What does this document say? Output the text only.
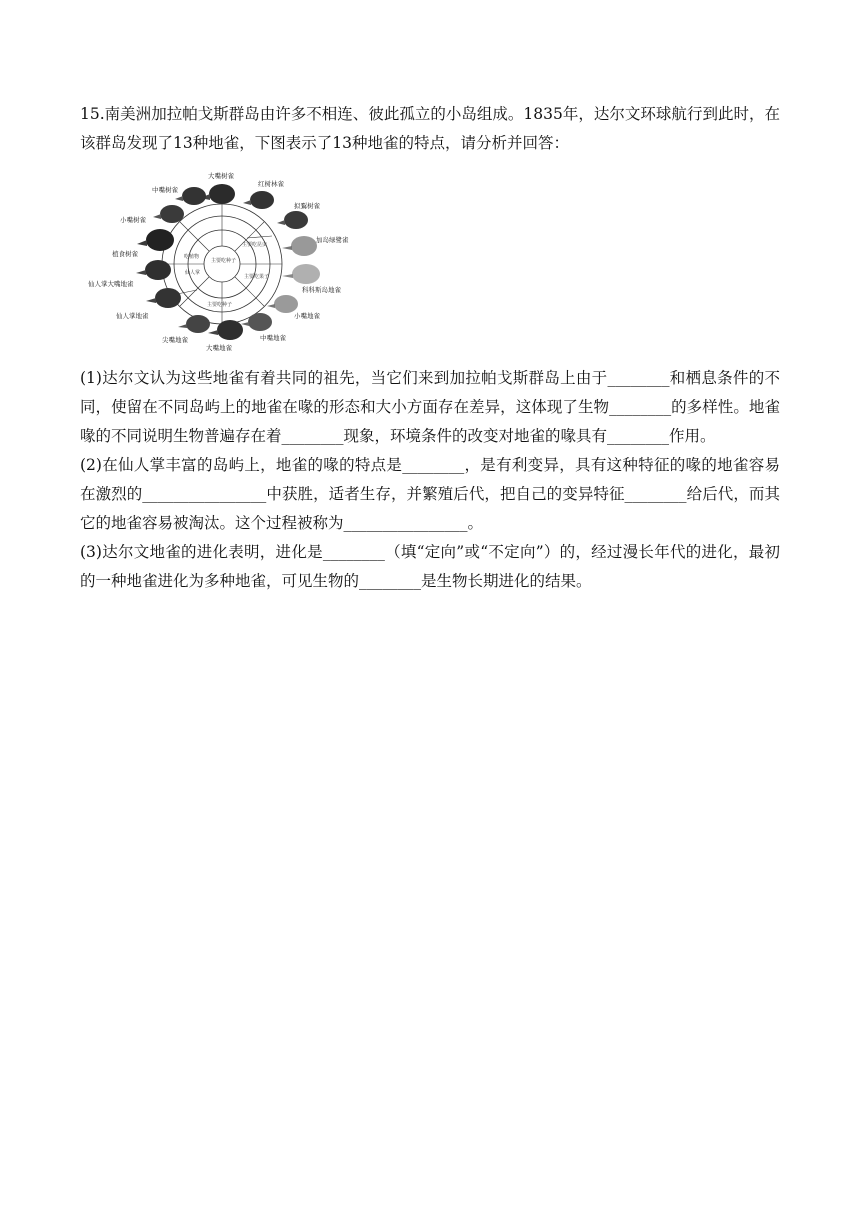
15.南美洲加拉帕戈斯群岛由许多不相连、彼此孤立的小岛组成。1835年，达尔文环球航行到此时，在该群岛发现了13种地雀，下图表示了13种地雀的特点，请分析并回答：

主要吃种子
吃植物
主要吃昆虫
仙人掌
主要吃种子
主要吃果子
大嘴树雀
红树林雀
拟鴷树雀
加岛绿鹭雀
科科斯岛地雀
小嘴地雀
中嘴地雀
大嘴地雀
尖嘴地雀
仙人掌地雀
仙人掌大嘴地雀
植食树雀
小嘴树雀
中嘴树雀

(1)达尔文认为这些地雀有着共同的祖先，当它们来到加拉帕戈斯群岛上由于________和栖息条件的不同，使留在不同岛屿上的地雀在喙的形态和大小方面存在差异，这体现了生物________的多样性。地雀喙的不同说明生物普遍存在着________现象，环境条件的改变对地雀的喙具有________作用。

(2)在仙人掌丰富的岛屿上，地雀的喙的特点是________，是有利变异，具有这种特征的喙的地雀容易在激烈的________________中获胜，适者生存，并繁殖后代，把自己的变异特征________给后代，而其它的地雀容易被淘汰。这个过程被称为________________。

(3)达尔文地雀的进化表明，进化是________（填“定向”或“不定向”）的，经过漫长年代的进化，最初的一种地雀进化为多种地雀，可见生物的________是生物长期进化的结果。
